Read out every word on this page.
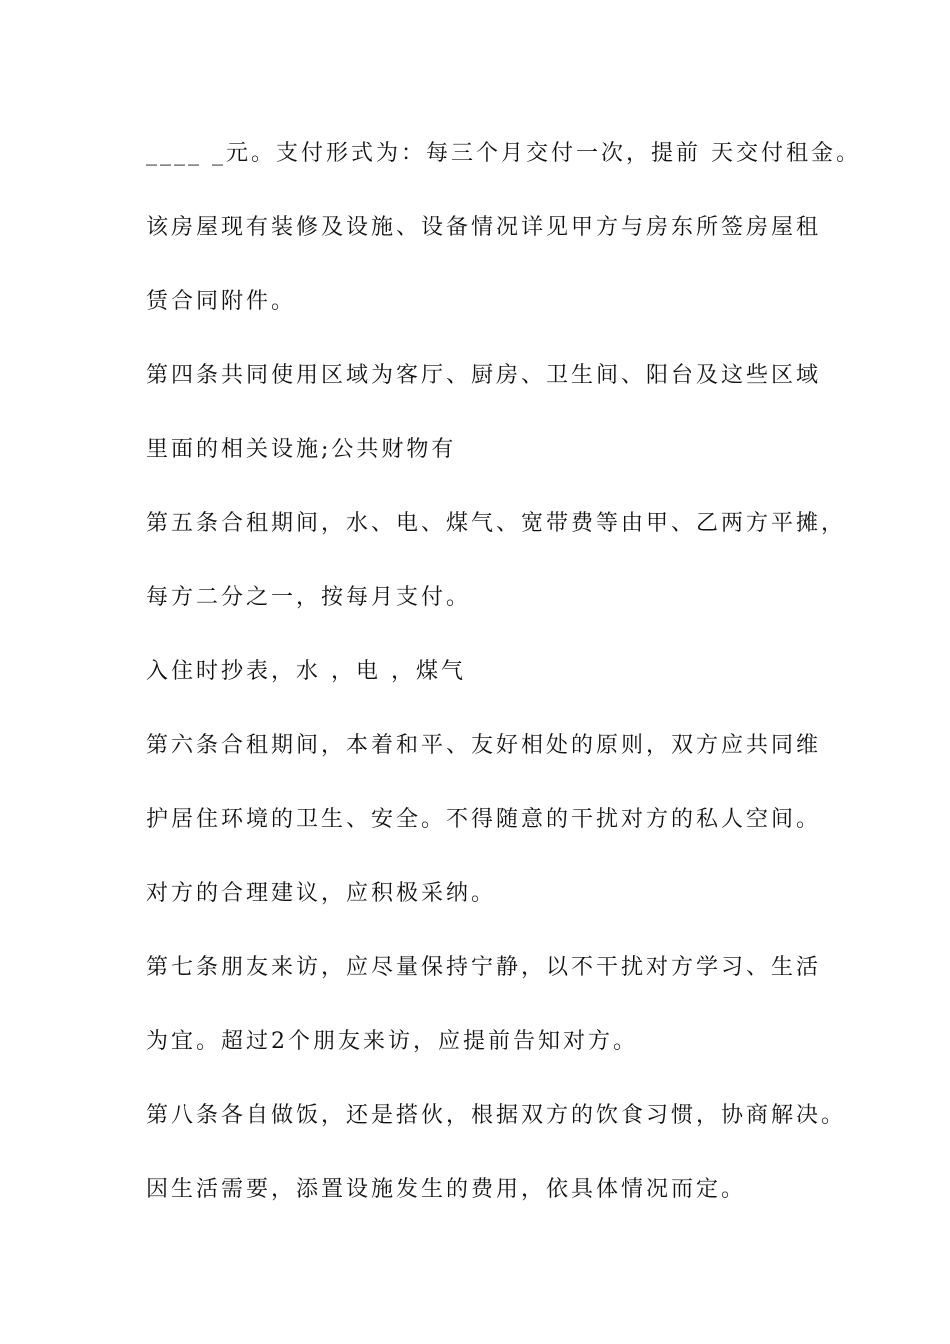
____ _元。支付形式为：每三个月交付一次，提前 天交付租金。
该房屋现有装修及设施、设备情况详见甲方与房东所签房屋租
赁合同附件。
第四条共同使用区域为客厅、厨房、卫生间、阳台及这些区域
里面的相关设施;公共财物有
第五条合租期间，水、电、煤气、宽带费等由甲、乙两方平摊，
每方二分之一，按每月支付。
入住时抄表，水 ，电 ，煤气
第六条合租期间，本着和平、友好相处的原则，双方应共同维
护居住环境的卫生、安全。不得随意的干扰对方的私人空间。
对方的合理建议，应积极采纳。
第七条朋友来访，应尽量保持宁静，以不干扰对方学习、生活
为宜。超过2个朋友来访，应提前告知对方。
第八条各自做饭，还是搭伙，根据双方的饮食习惯，协商解决。
因生活需要，添置设施发生的费用，依具体情况而定。
